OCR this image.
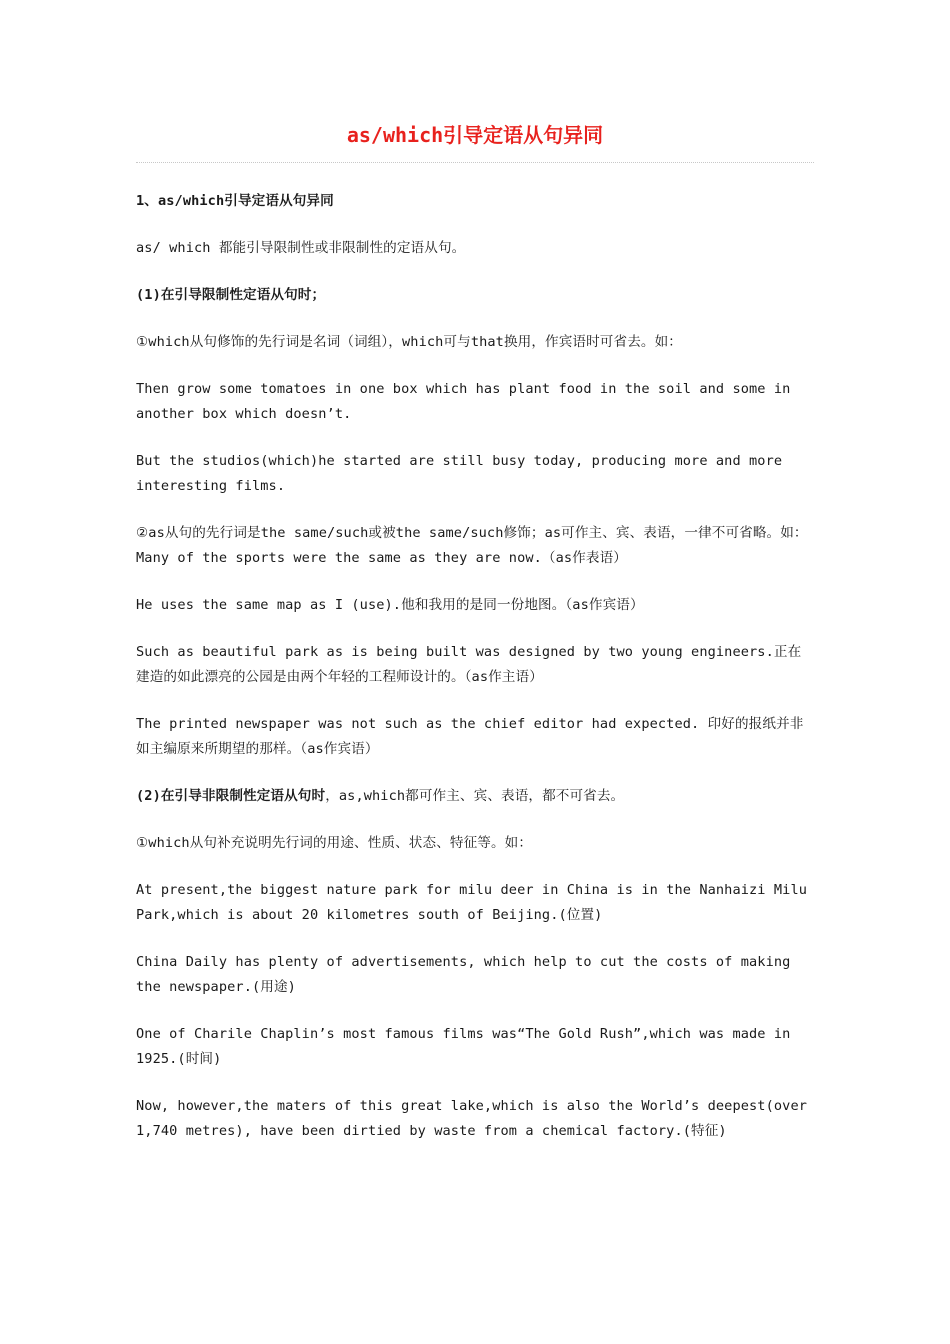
as/which引导定语从句异同

1、as/which引导定语从句异同

as/ which 都能引导限制性或非限制性的定语从句。

(1)在引导限制性定语从句时；

①which从句修饰的先行词是名词（词组），which可与that换用，作宾语时可省去。如：

Then grow some tomatoes in one box which has plant food in the soil and some in another box which doesn’t.

But the studios(which)he started are still busy today, producing more and more interesting films.

②as从句的先行词是the same/such或被the same/such修饰；as可作主、宾、表语，一律不可省略。如：Many of the sports were the same as they are now.（as作表语）

He uses the same map as I (use).他和我用的是同一份地图。（as作宾语）

Such as beautiful park as is being built was designed by two young engineers.正在建造的如此漂亮的公园是由两个年轻的工程师设计的。（as作主语）

The printed newspaper was not such as the chief editor had expected. 印好的报纸并非如主编原来所期望的那样。（as作宾语）

(2)在引导非限制性定语从句时，as,which都可作主、宾、表语，都不可省去。

①which从句补充说明先行词的用途、性质、状态、特征等。如：

At present,the biggest nature park for milu deer in China is in the Nanhaizi Milu Park,which is about 20 kilometres south of Beijing.(位置)

China Daily has plenty of advertisements, which help to cut the costs of making the newspaper.(用途)

One of Charile Chaplin’s most famous films was“The Gold Rush”,which was made in 1925.(时间)

Now, however,the maters of this great lake,which is also the World’s deepest(over 1,740 metres), have been dirtied by waste from a chemical factory.(特征)
